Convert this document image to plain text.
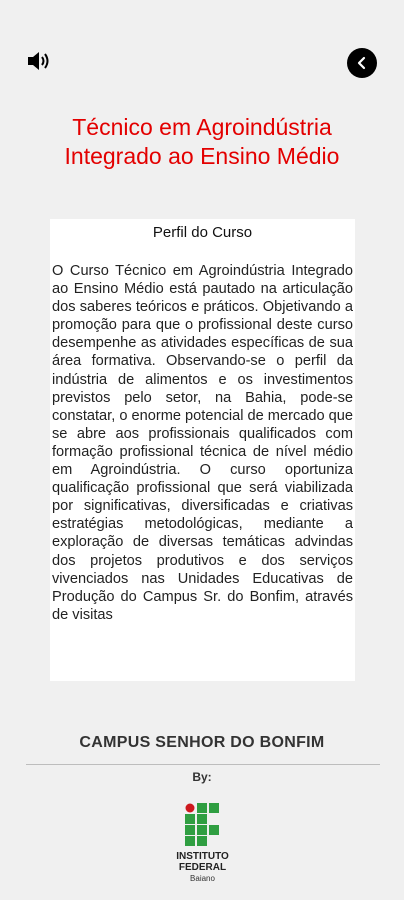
Técnico em Agroindústria
Integrado ao Ensino Médio
Perfil do Curso
O Curso Técnico em Agroindústria Integrado ao Ensino Médio está pautado na articulação dos saberes teóricos e práticos. Objetivando a promoção para que o profissional deste curso desempenhe as atividades específicas de sua área formativa. Observando-se o perfil da indústria de alimentos e os investimentos previstos pelo setor, na Bahia, pode-se constatar, o enorme potencial de mercado que se abre aos profissionais qualificados com formação profissional técnica de nível médio em Agroindústria. O curso oportuniza qualificação profissional que será viabilizada por significativas, diversificadas e criativas estratégias metodológicas, mediante a exploração de diversas temáticas advindas dos projetos produtivos e dos serviços vivenciados nas Unidades Educativas de Produção do Campus Sr. do Bonfim, através de visitas
CAMPUS SENHOR DO BONFIM
By:
INSTITUTO
FEDERAL
Baiano
